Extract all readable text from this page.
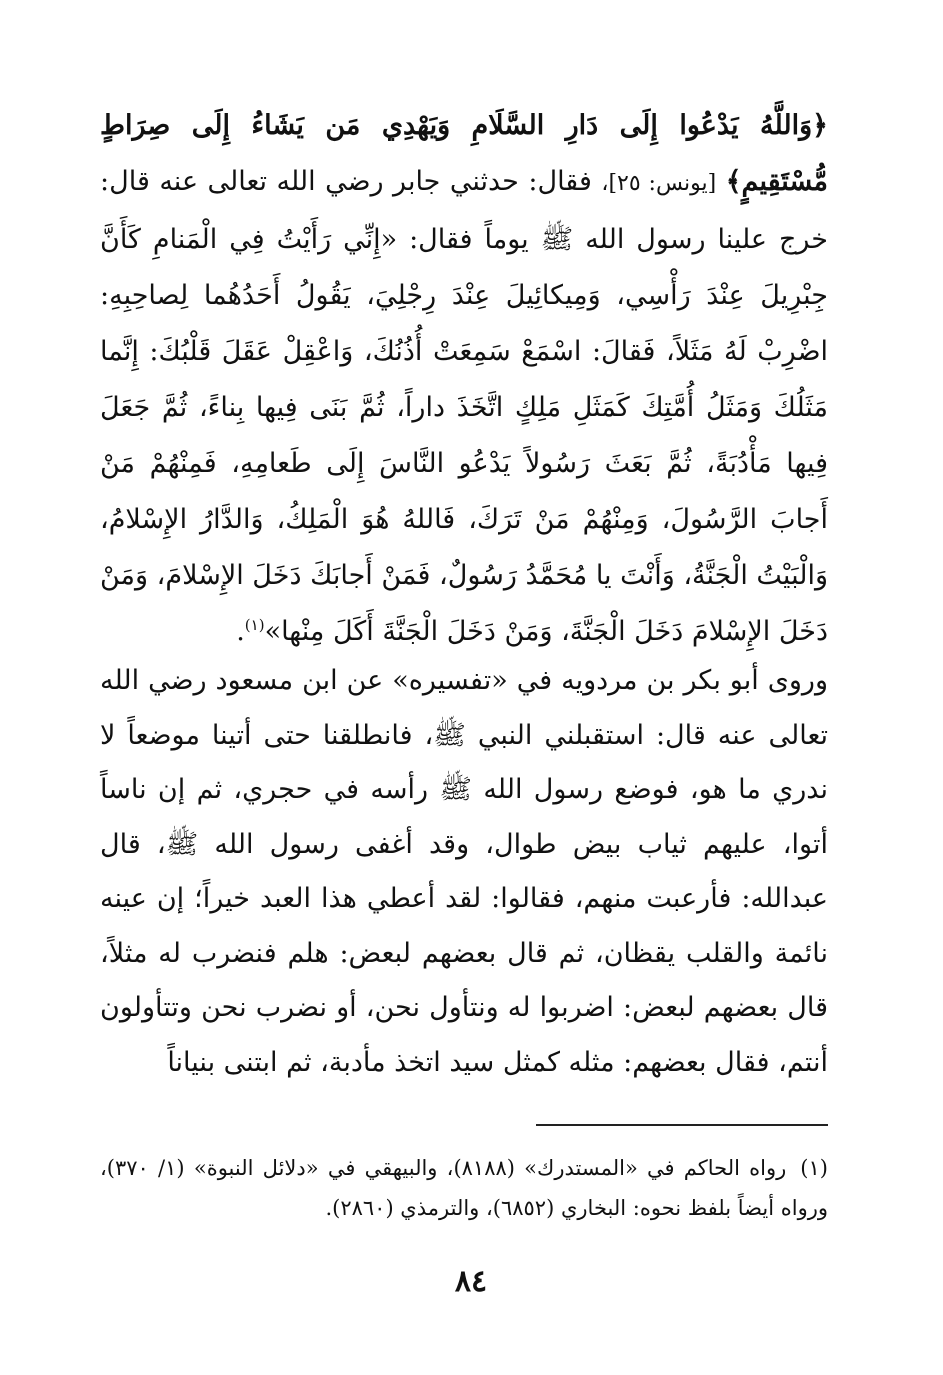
﴿وَاللَّهُ يَدْعُوا إِلَى دَارِ السَّلَامِ وَيَهْدِي مَن يَشَاءُ إِلَى صِرَاطٍ مُّسْتَقِيمٍ﴾ [يونس: ٢٥]، فقال: حدثني جابر رضي الله تعالى عنه قال: خرج علينا رسول الله ﷺ يوماً فقال: «إِنِّي رَأَيْتُ فِي الْمَنامِ كَأَنَّ جِبْرِيلَ عِنْدَ رَأْسِي، وَمِيكائِيلَ عِنْدَ رِجْلِيَ، يَقُولُ أَحَدُهُما لِصاحِبِهِ: اضْرِبْ لَهُ مَثَلاً، فَقالَ: اسْمَعْ سَمِعَتْ أُذُنُكَ، وَاعْقِلْ عَقَلَ قَلْبُكَ: إِنَّما مَثَلُكَ وَمَثَلُ أُمَّتِكَ كَمَثَلِ مَلِكٍ اتَّخَذَ داراً، ثُمَّ بَنَى فِيها بِناءً، ثُمَّ جَعَلَ فِيها مَأْدُبَةً، ثُمَّ بَعَثَ رَسُولاً يَدْعُو النَّاسَ إِلَى طَعامِهِ، فَمِنْهُمْ مَنْ أَجابَ الرَّسُولَ، وَمِنْهُمْ مَنْ تَرَكَ، فَاللهُ هُوَ الْمَلِكُ، وَالدَّارُ الإِسْلامُ، وَالْبَيْتُ الْجَنَّةُ، وَأَنْتَ يا مُحَمَّدُ رَسُولٌ، فَمَنْ أَجابَكَ دَخَلَ الإِسْلامَ، وَمَنْ دَخَلَ الإِسْلامَ دَخَلَ الْجَنَّةَ، وَمَنْ دَخَلَ الْجَنَّةَ أَكَلَ مِنْها»$^{(١)}$.
وروى أبو بكر بن مردويه في «تفسيره» عن ابن مسعود رضي الله تعالى عنه قال: استقبلني النبي ﷺ، فانطلقنا حتى أتينا موضعاً لا ندري ما هو، فوضع رسول الله ﷺ رأسه في حجري، ثم إن ناساً أتوا، عليهم ثياب بيض طوال، وقد أغفى رسول الله ﷺ، قال عبدالله: فأرعبت منهم، فقالوا: لقد أعطي هذا العبد خيراً؛ إن عينه نائمة والقلب يقظان، ثم قال بعضهم لبعض: هلم فنضرب له مثلاً، قال بعضهم لبعض: اضربوا له ونتأول نحن، أو نضرب نحن وتتأولون أنتم، فقال بعضهم: مثله كمثل سيد اتخذ مأدبة، ثم ابتنى بنياناً
(١)رواه الحاكم في «المستدرك» (٨١٨٨)، والبيهقي في «دلائل النبوة» (١/ ٣٧٠)، ورواه أيضاً بلفظ نحوه: البخاري (٦٨٥٢)، والترمذي (٢٨٦٠).
٨٤
